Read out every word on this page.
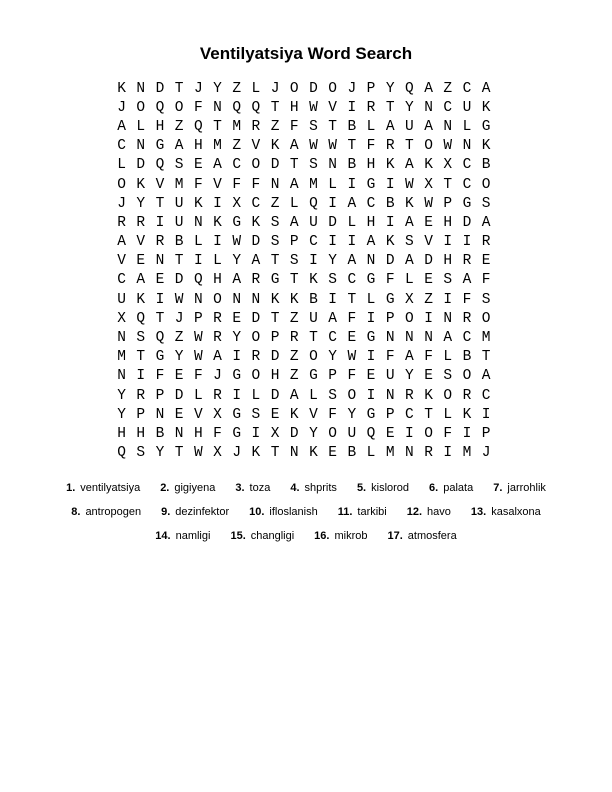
Ventilyatsiya Word Search
K N D T J Y Z L J O D O J P Y Q A Z C A
J O Q O F N Q Q T H W V I R T Y N C U K
A L H Z Q T M R Z F S T B L A U A N L G
C N G A H M Z V K A W W T F R T O W N K
L D Q S E A C O D T S N B H K A K X C B
O K V M F V F F N A M L I G I W X T C O
J Y T U K I X C Z L Q I A C B K W P G S
R R I U N K G K S A U D L H I A E H D A
A V R B L I W D S P C I I A K S V I I R
V E N T I L Y A T S I Y A N D A D H R E
C A E D Q H A R G T K S C G F L E S A F
U K I W N O N N K K B I T L G X Z I F S
X Q T J P R E D T Z U A F I P O I N R O
N S Q Z W R Y O P R T C E G N N N A C M
M T G Y W A I R D Z O Y W I F A F L B T
N I F E F J G O H Z G P F E U Y E S O A
Y R P D L R I L D A L S O I N R K O R C
Y P N E V X G S E K V F Y G P C T L K I
H H B N H F G I X D Y O U Q E I O F I P
Q S Y T W X J K T N K E B L M N R I M J
1. ventilyatsiya 2. gigiyena 3. toza 4. shprits 5. kislorod 6. palata 7. jarrohlik
8. antropogen 9. dezinfektor 10. ifloslanish 11. tarkibi 12. havo 13. kasalxona
14. namligi 15. changligi 16. mikrob 17. atmosfera
